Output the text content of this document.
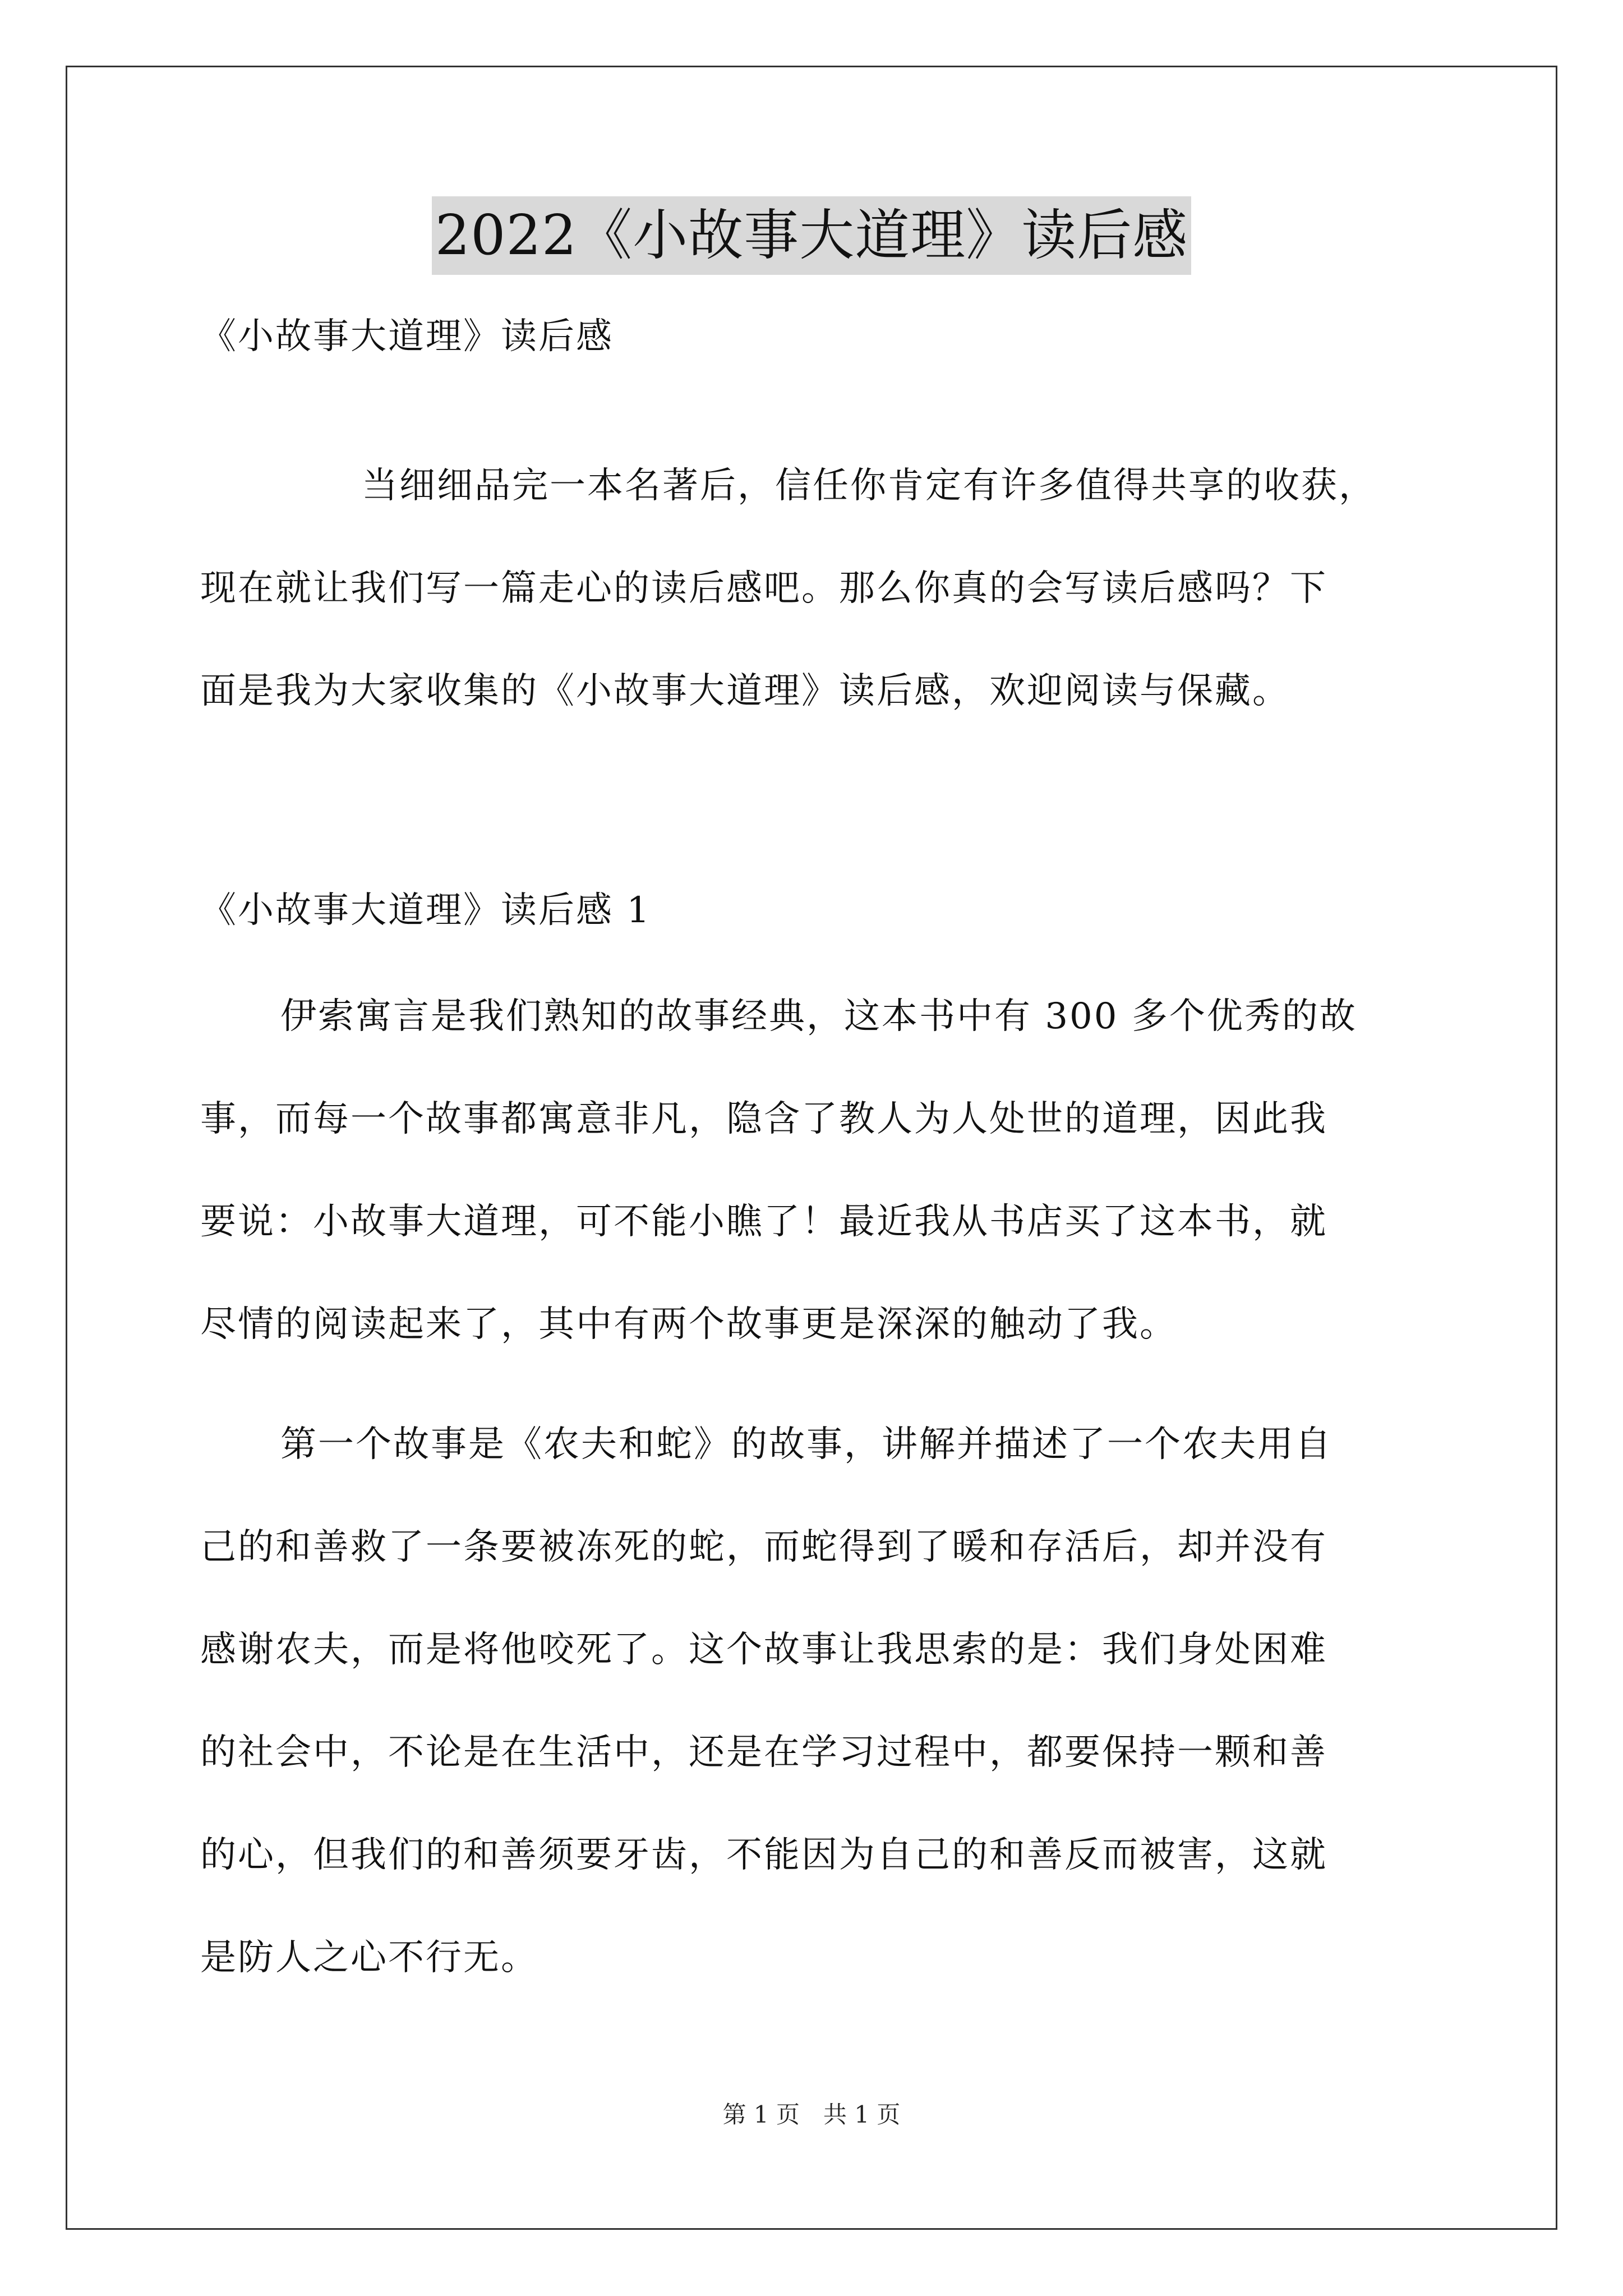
2022《小故事大道理》读后感
《小故事大道理》读后感
当细细品完一本名著后，信任你肯定有许多值得共享的收获，
现在就让我们写一篇走心的读后感吧。那么你真的会写读后感吗？下
面是我为大家收集的《小故事大道理》读后感，欢迎阅读与保藏。
《小故事大道理》读后感 1
伊索寓言是我们熟知的故事经典，这本书中有 300 多个优秀的故
事，而每一个故事都寓意非凡，隐含了教人为人处世的道理，因此我
要说：小故事大道理，可不能小瞧了！最近我从书店买了这本书，就
尽情的阅读起来了，其中有两个故事更是深深的触动了我。
第一个故事是《农夫和蛇》的故事，讲解并描述了一个农夫用自
己的和善救了一条要被冻死的蛇，而蛇得到了暖和存活后，却并没有
感谢农夫，而是将他咬死了。这个故事让我思索的是：我们身处困难
的社会中，不论是在生活中，还是在学习过程中，都要保持一颗和善
的心，但我们的和善须要牙齿，不能因为自己的和善反而被害，这就
是防人之心不行无。
第 1 页　共 1 页
